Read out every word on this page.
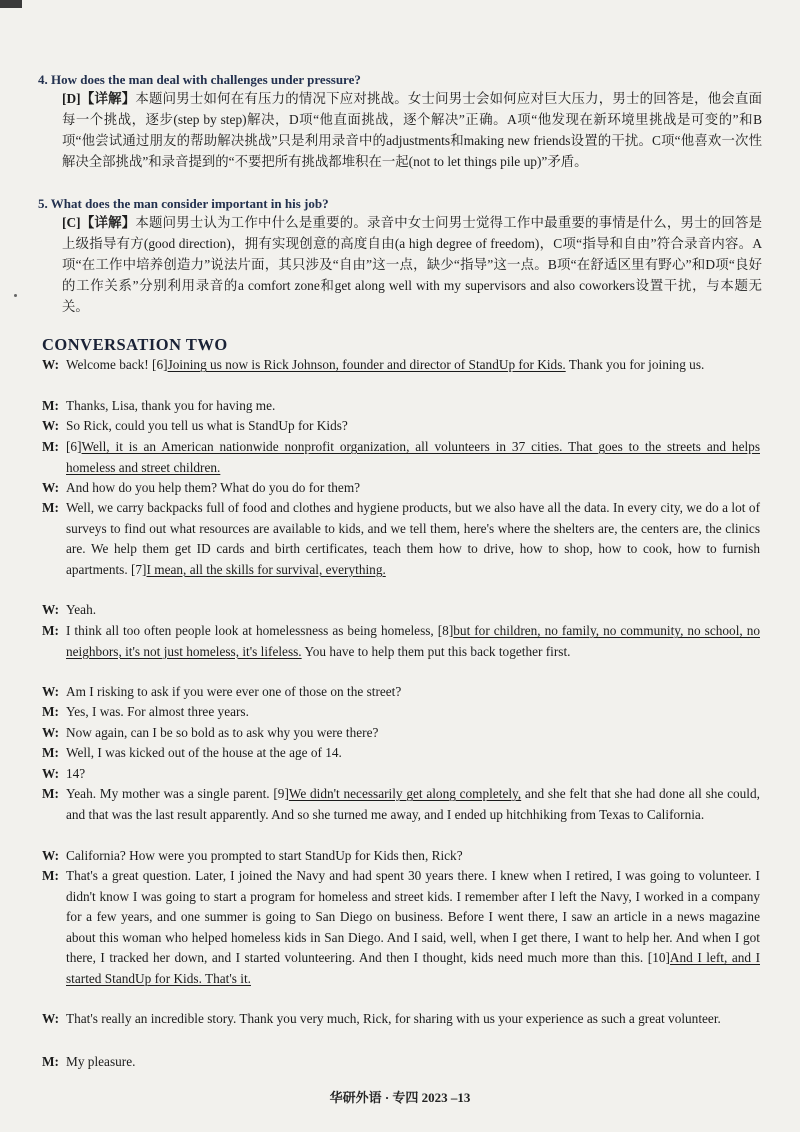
4. How does the man deal with challenges under pressure?
[D]【详解】本题问男士如何在有压力的情况下应对挑战。女士问男士会如何应对巨大压力，男士的回答是，他会直面每一个挑战，逐步(step by step)解决，D项“他直面挑战，逐个解决”正确。A项“他发现在新环境里挑战是可变的”和B项“他尝试通过朋友的帮助解决挑战”只是利用录音中的adjustments和making new friends设置的干扰。C项“他喜欢一次性解决全部挑战”和录音提到的“不要把所有挑战都堆积在一起(not to let things pile up)”矛盾。
5. What does the man consider important in his job?
[C]【详解】本题问男士认为工作中什么是重要的。录音中女士问男士觉得工作中最重要的事情是什么，男士的回答是上级指导有方(good direction)，拥有实现创意的高度自由(a high degree of freedom)，C项“指导和自由”符合录音内容。A项“在工作中培养创造力”说法片面，其只涉及“自由”这一点，缺少“指导”这一点。B项“在舒适区里有野心”和D项“良好的工作关系”分别利用录音的a comfort zone和get along well with my supervisors and also coworkers设置干扰，与本题无关。
CONVERSATION TWO
W: Welcome back! [6]Joining us now is Rick Johnson, founder and director of StandUp for Kids. Thank you for joining us.
M: Thanks, Lisa, thank you for having me.
W: So Rick, could you tell us what is StandUp for Kids?
M: [6]Well, it is an American nationwide nonprofit organization, all volunteers in 37 cities. That goes to the streets and helps homeless and street children.
W: And how do you help them? What do you do for them?
M: Well, we carry backpacks full of food and clothes and hygiene products, but we also have all the data. In every city, we do a lot of surveys to find out what resources are available to kids, and we tell them, here's where the shelters are, the centers are, the clinics are. We help them get ID cards and birth certificates, teach them how to drive, how to shop, how to cook, how to furnish apartments. [7]I mean, all the skills for survival, everything.
W: Yeah.
M: I think all too often people look at homelessness as being homeless, [8]but for children, no family, no community, no school, no neighbors, it's not just homeless, it's lifeless. You have to help them put this back together first.
W: Am I risking to ask if you were ever one of those on the street?
M: Yes, I was. For almost three years.
W: Now again, can I be so bold as to ask why you were there?
M: Well, I was kicked out of the house at the age of 14.
W: 14?
M: Yeah. My mother was a single parent. [9]We didn't necessarily get along completely, and she felt that she had done all she could, and that was the last result apparently. And so she turned me away, and I ended up hitchhiking from Texas to California.
W: California? How were you prompted to start StandUp for Kids then, Rick?
M: That's a great question. Later, I joined the Navy and had spent 30 years there. I knew when I retired, I was going to volunteer. I didn't know I was going to start a program for homeless and street kids. I remember after I left the Navy, I worked in a company for a few years, and one summer is going to San Diego on business. Before I went there, I saw an article in a news magazine about this woman who helped homeless kids in San Diego. And I said, well, when I get there, I want to help her. And when I got there, I tracked her down, and I started volunteering. And then I thought, kids need much more than this. [10]And I left, and I started StandUp for Kids. That's it.
W: That's really an incredible story. Thank you very much, Rick, for sharing with us your experience as such a great volunteer.
M: My pleasure.
华研外语 · 专四 2023 –13
